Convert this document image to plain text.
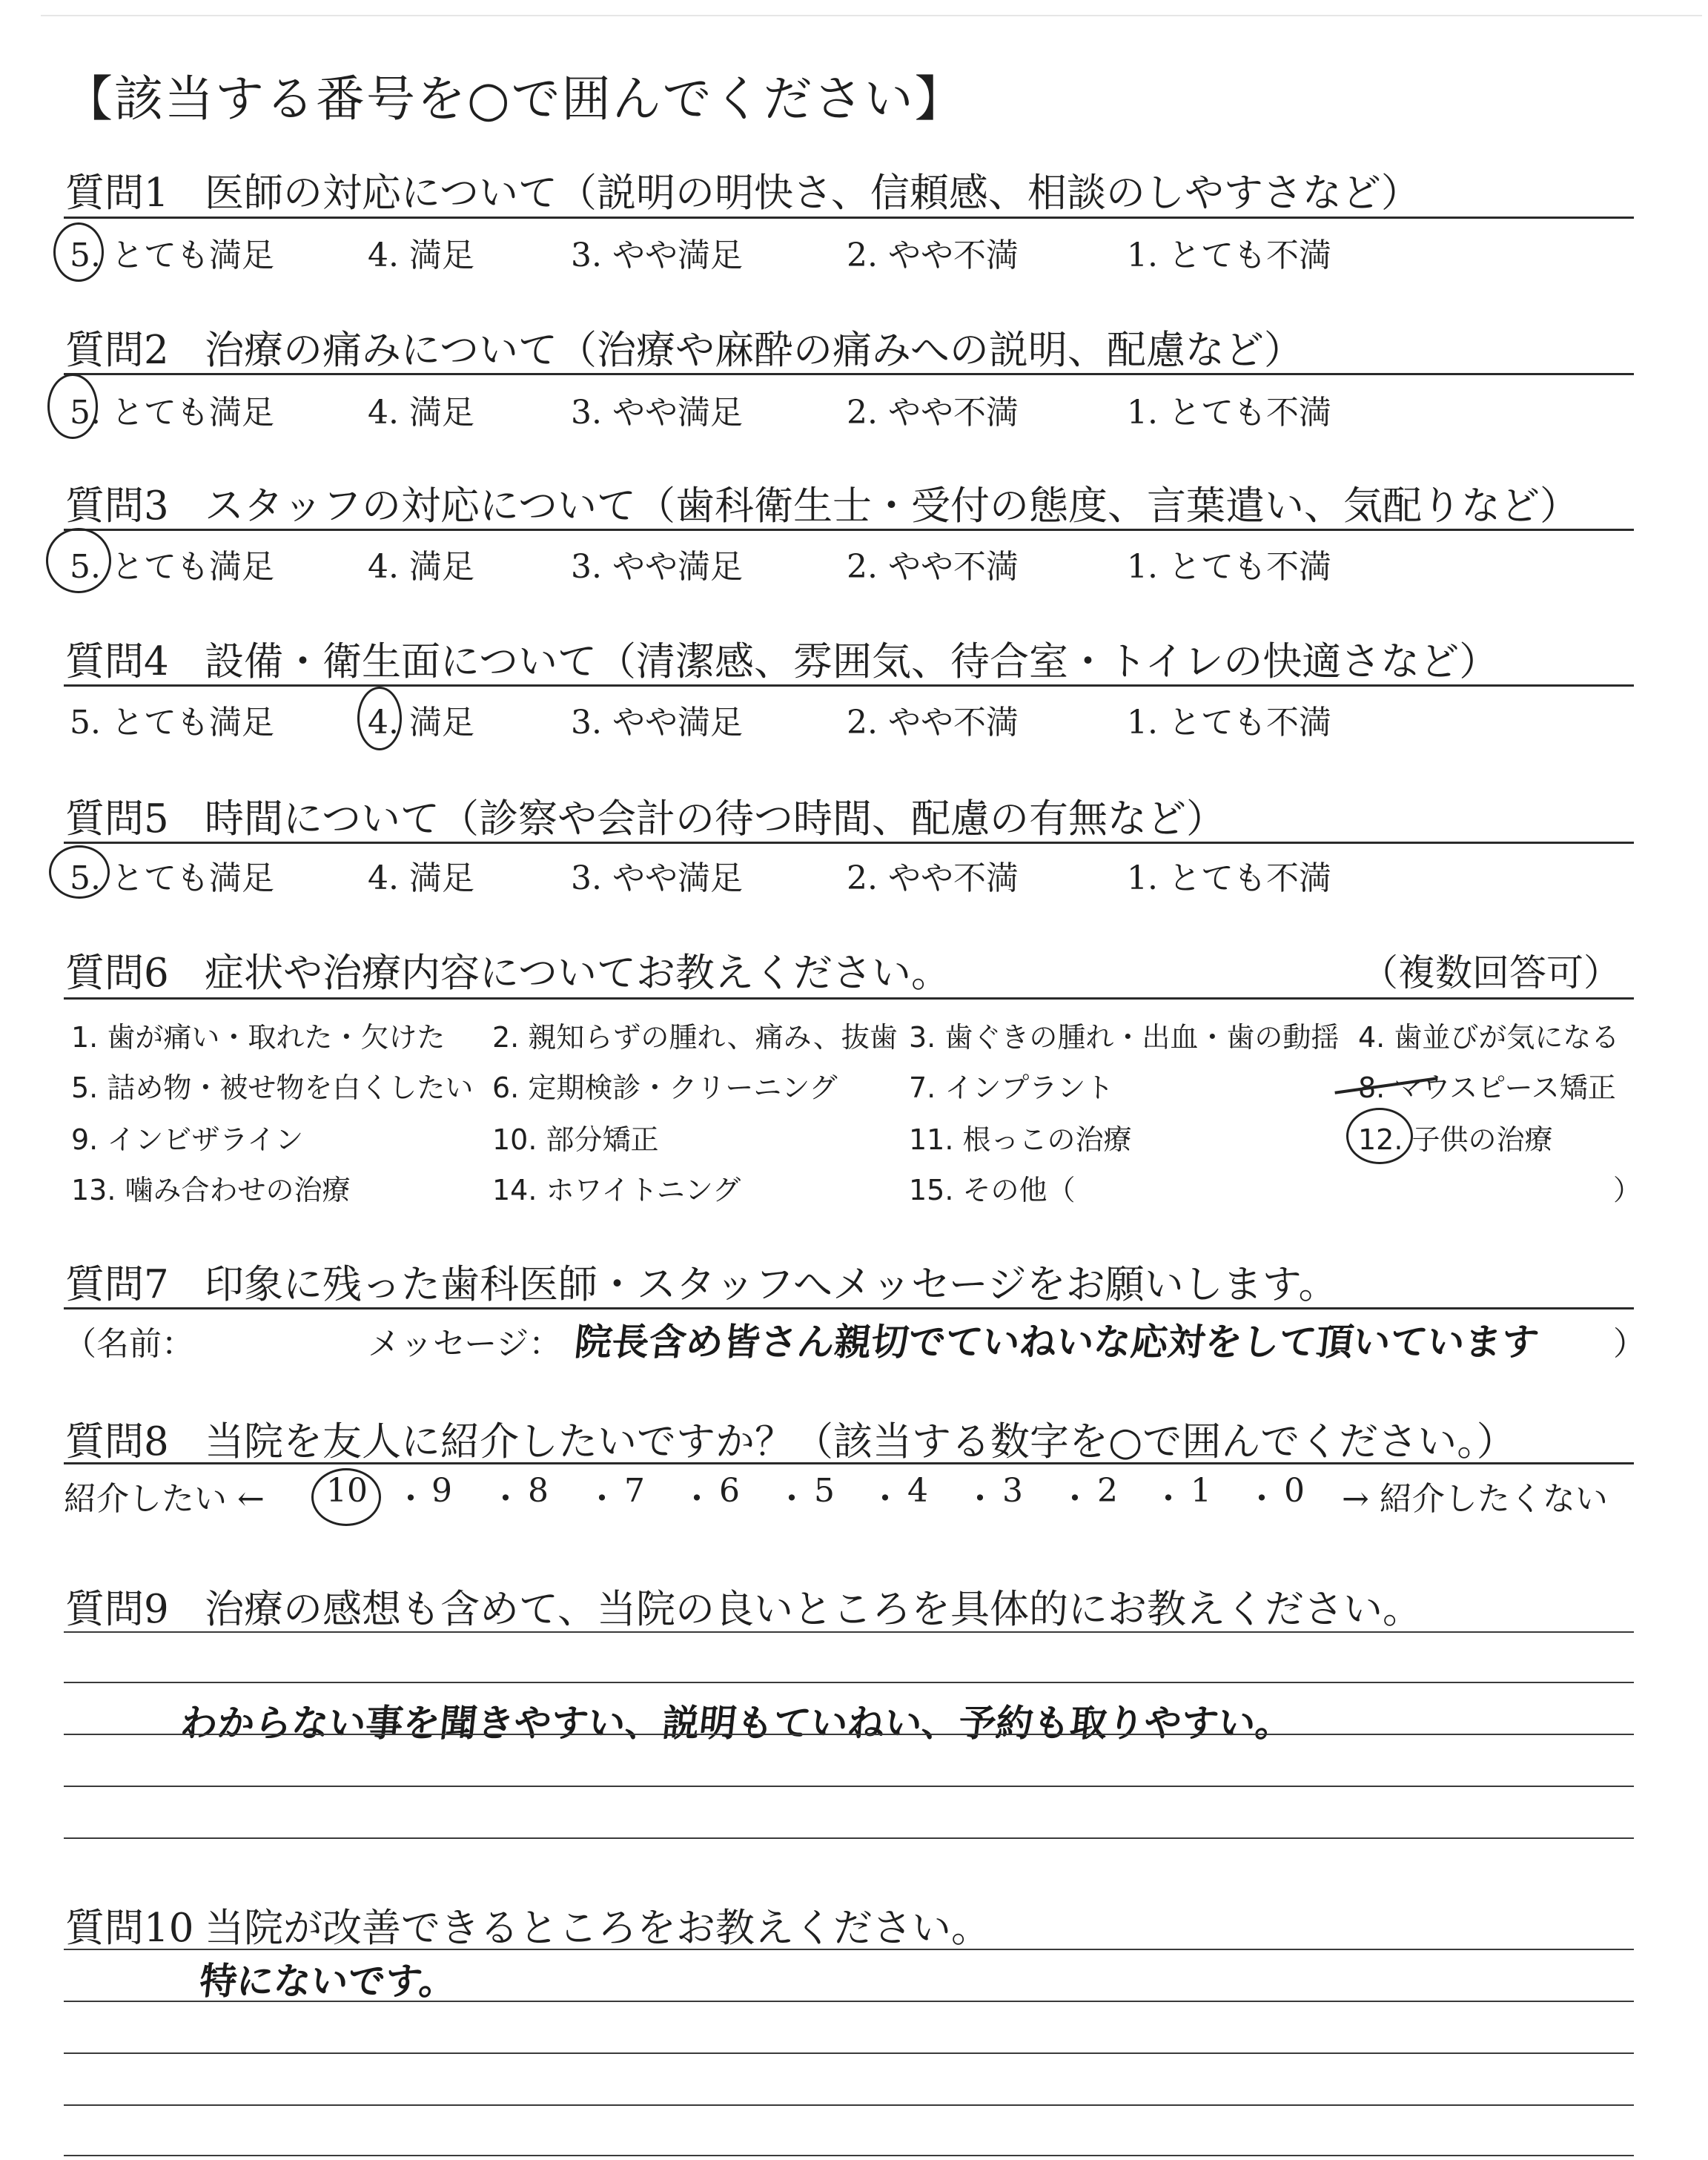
【該当する番号を○で囲んでください】
質問1 医師の対応について（説明の明快さ、信頼感、相談のしやすさなど）
5. とても満足	4. 満足	3. やや満足	2. やや不満	1. とても不満
質問2 治療の痛みについて（治療や麻酔の痛みへの説明、配慮など）
5. とても満足	4. 満足	3. やや満足	2. やや不満	1. とても不満
質問3 スタッフの対応について（歯科衛生士・受付の態度、言葉遣い、気配りなど）
5. とても満足	4. 満足	3. やや満足	2. やや不満	1. とても不満
質問4 設備・衛生面について（清潔感、雰囲気、待合室・トイレの快適さなど）
5. とても満足	4. 満足	3. やや満足	2. やや不満	1. とても不満
質問5 時間について（診察や会計の待つ時間、配慮の有無など）
5. とても満足	4. 満足	3. やや満足	2. やや不満	1. とても不満
質問6 症状や治療内容についてお教えください。	（複数回答可）
1. 歯が痛い・取れた・欠けた 2. 親知らずの腫れ、痛み、抜歯 3. 歯ぐきの腫れ・出血・歯の動揺 4. 歯並びが気になる
5. 詰め物・被せ物を白くしたい 6. 定期検診・クリーニング	7. インプラント	8. マウスピース矯正
9. インビザライン	10. 部分矯正	11. 根っこの治療	12. 子供の治療
13. 噛み合わせの治療	14. ホワイトニング	15. その他（	）
質問7 印象に残った歯科医師・スタッフへメッセージをお願いします。
（名前：	メッセージ： 院長含め皆さん親切でていねいな応対をして頂いています ）
質問8 当院を友人に紹介したいですか？（該当する数字を○で囲んでください。）
紹介したい ← 10 ・ 9 ・ 8 ・ 7 ・ 6 ・ 5 ・ 4 ・ 3 ・ 2 ・ 1 ・ 0 → 紹介したくない
質問9 治療の感想も含めて、当院の良いところを具体的にお教えください。
わからない事を聞きやすい、説明もていねい、予約も取りやすい。
質問10 当院が改善できるところをお教えください。
特にないです。
